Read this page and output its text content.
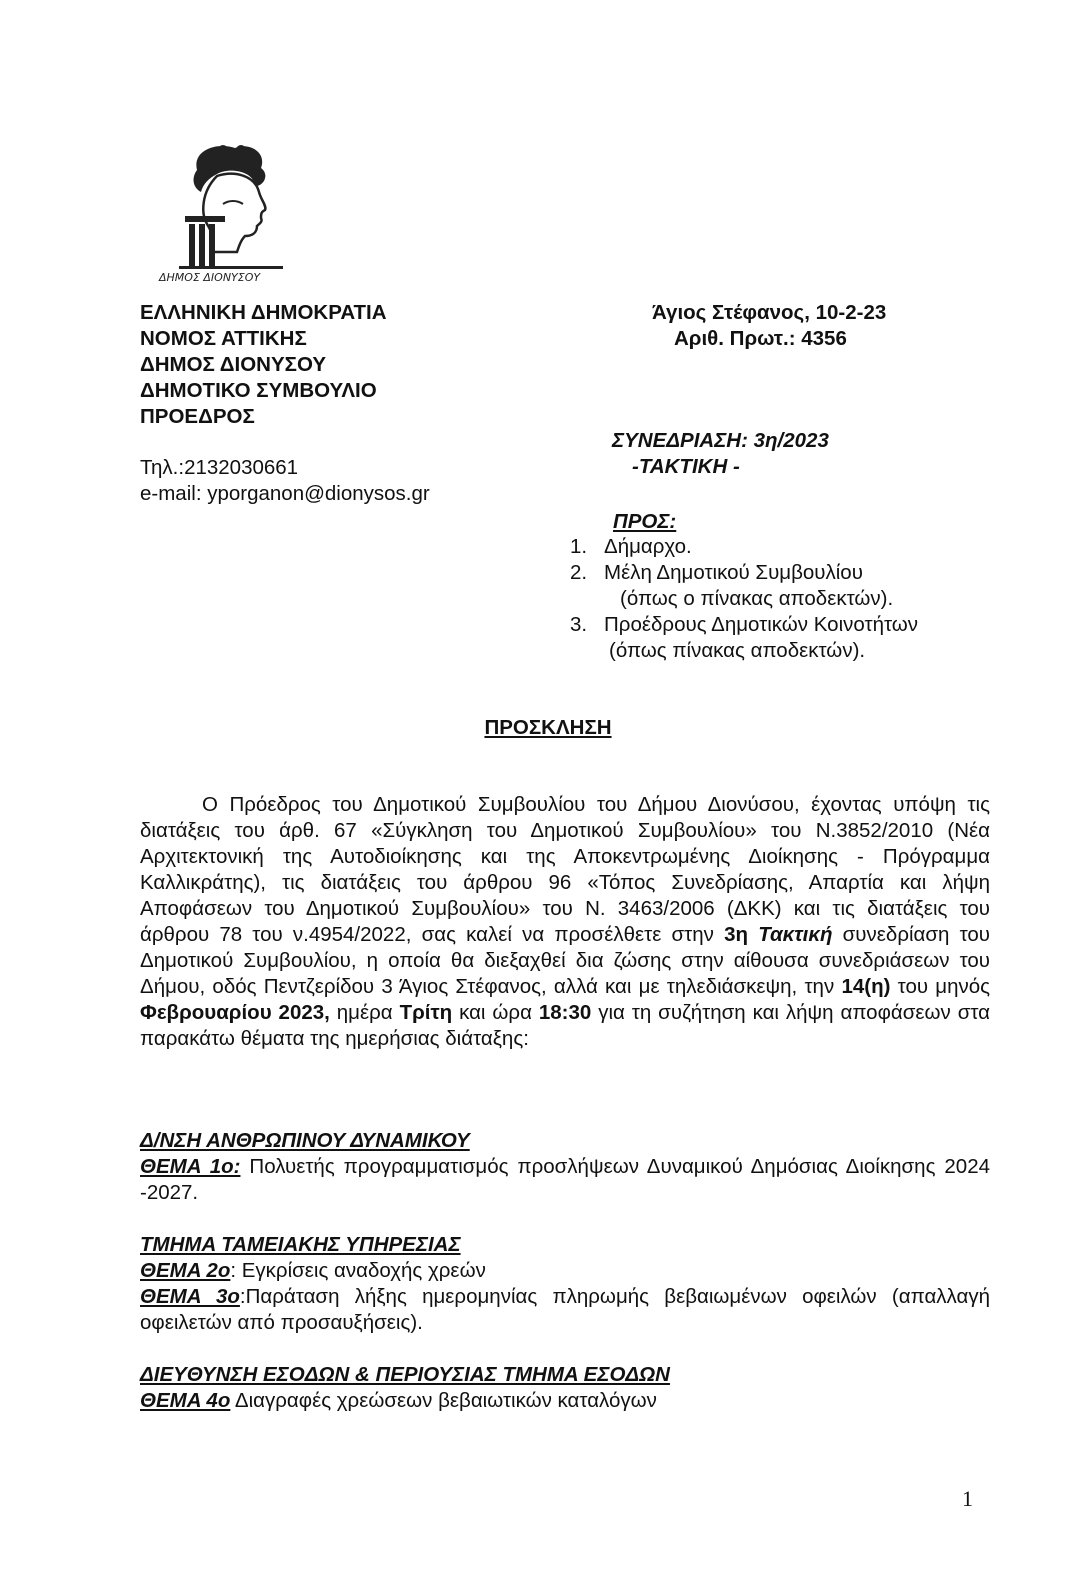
ΔΗΜΟΣ ΔΙΟΝΥΣΟΥ
ΕΛΛΗΝΙΚΗ ΔΗΜΟΚΡΑΤΙΑ
ΝΟΜΟΣ ΑΤΤΙΚΗΣ
ΔΗΜΟΣ ΔΙΟΝΥΣΟΥ
ΔΗΜΟΤΙΚΟ ΣΥΜΒΟΥΛΙΟ
ΠΡΟΕΔΡΟΣ
Άγιος Στέφανος, 10-2-23
Αριθ. Πρωτ.: 4356
ΣΥΝΕΔΡΙΑΣΗ: 3η/2023
-ΤΑΚΤΙΚΗ -
Τηλ.:2132030661
e-mail: yporganon@dionysos.gr
ΠΡΟΣ:
1. Δήμαρχο.
2. Μέλη Δημοτικού Συμβουλίου
(όπως ο πίνακας αποδεκτών).
3. Προέδρους Δημοτικών Κοινοτήτων
(όπως πίνακας αποδεκτών).
ΠΡΟΣΚΛΗΣΗ
Ο Πρόεδρος του Δημοτικού Συμβουλίου του Δήμου Διονύσου, έχοντας υπόψη τις διατάξεις του άρθ. 67 «Σύγκληση του Δημοτικού Συμβουλίου» του Ν.3852/2010 (Νέα Αρχιτεκτονική της Αυτοδιοίκησης και της Αποκεντρωμένης Διοίκησης - Πρόγραμμα Καλλικράτης), τις διατάξεις του άρθρου 96 «Τόπος Συνεδρίασης, Απαρτία και λήψη Αποφάσεων του Δημοτικού Συμβουλίου» του Ν. 3463/2006 (ΔΚΚ) και τις διατάξεις του άρθρου 78 του ν.4954/2022, σας καλεί να προσέλθετε στην 3η Τακτική συνεδρίαση του Δημοτικού Συμβουλίου, η οποία θα διεξαχθεί δια ζώσης στην αίθουσα συνεδριάσεων του Δήμου, οδός Πεντζερίδου 3 Άγιος Στέφανος, αλλά και με τηλεδιάσκεψη, την 14(η) του μηνός Φεβρουαρίου 2023, ημέρα Τρίτη και ώρα 18:30 για τη συζήτηση και λήψη αποφάσεων στα παρακάτω θέματα της ημερήσιας διάταξης:
Δ/ΝΣΗ ΑΝΘΡΩΠΙΝΟΥ ΔΥΝΑΜΙΚΟΥ
ΘΕΜΑ 1ο: Πολυετής προγραμματισμός προσλήψεων Δυναμικού Δημόσιας Διοίκησης 2024 -2027.
ΤΜΗΜΑ ΤΑΜΕΙΑΚΗΣ ΥΠΗΡΕΣΙΑΣ
ΘΕΜΑ 2ο: Εγκρίσεις αναδοχής χρεών
ΘΕΜΑ 3ο:Παράταση λήξης ημερομηνίας πληρωμής βεβαιωμένων οφειλών (απαλλαγή οφειλετών από προσαυξήσεις).
ΔΙΕΥΘΥΝΣΗ ΕΣΟΔΩΝ & ΠΕΡΙΟΥΣΙΑΣ ΤΜΗΜΑ ΕΣΟΔΩΝ
ΘΕΜΑ 4ο Διαγραφές χρεώσεων βεβαιωτικών καταλόγων
1
